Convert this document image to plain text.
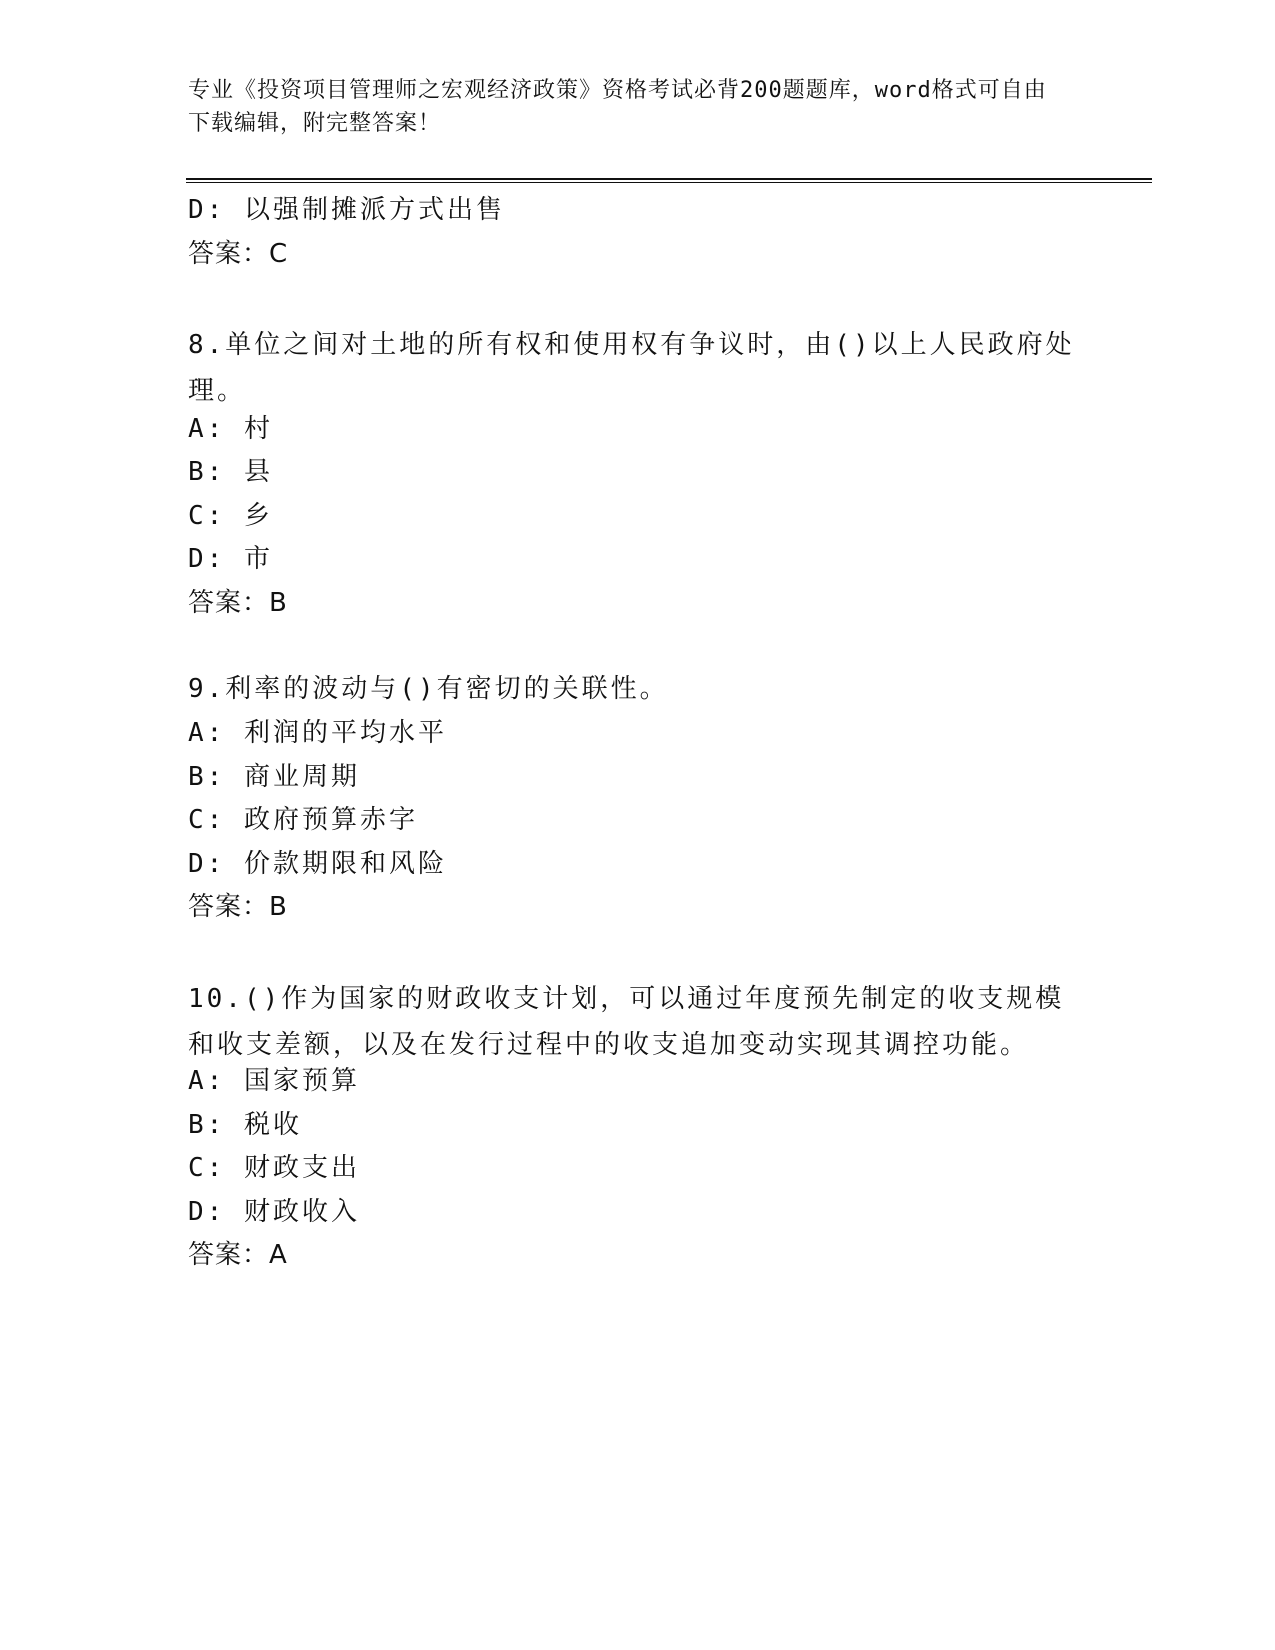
专业《投资项目管理师之宏观经济政策》资格考试必背200题题库，word格式可自由下载编辑，附完整答案！
D: 以强制摊派方式出售
答案：C
8.单位之间对土地的所有权和使用权有争议时，由()以上人民政府处理。
A: 村
B: 县
C: 乡
D: 市
答案：B
9.利率的波动与()有密切的关联性。
A: 利润的平均水平
B: 商业周期
C: 政府预算赤字
D: 价款期限和风险
答案：B
10.()作为国家的财政收支计划，可以通过年度预先制定的收支规模和收支差额，以及在发行过程中的收支追加变动实现其调控功能。
A: 国家预算
B: 税收
C: 财政支出
D: 财政收入
答案：A
